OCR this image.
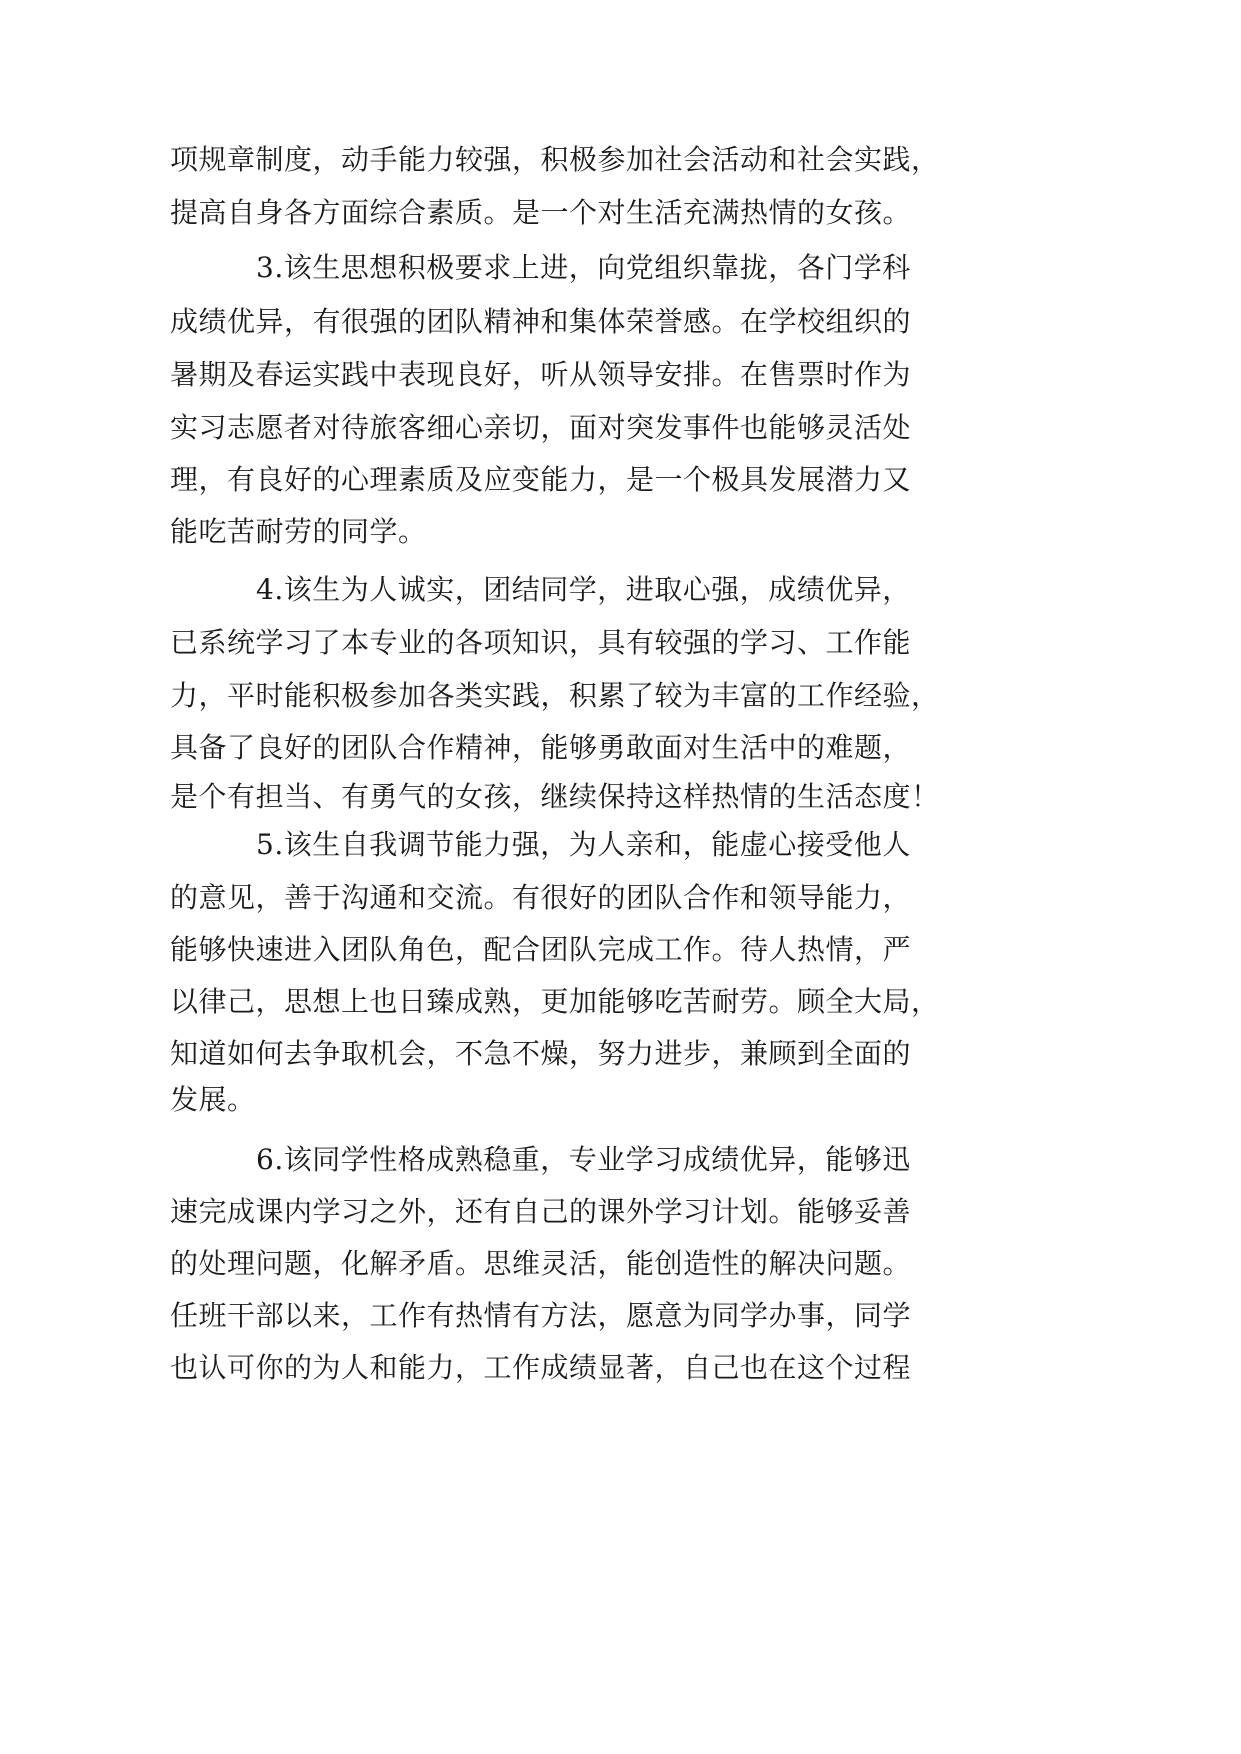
项规章制度，动手能力较强，积极参加社会活动和社会实践，
提高自身各方面综合素质。是一个对生活充满热情的女孩。
3.该生思想积极要求上进，向党组织靠拢，各门学科
成绩优异，有很强的团队精神和集体荣誉感。在学校组织的
暑期及春运实践中表现良好，听从领导安排。在售票时作为
实习志愿者对待旅客细心亲切，面对突发事件也能够灵活处
理，有良好的心理素质及应变能力，是一个极具发展潜力又
能吃苦耐劳的同学。
4.该生为人诚实，团结同学，进取心强，成绩优异，
已系统学习了本专业的各项知识，具有较强的学习、工作能
力，平时能积极参加各类实践，积累了较为丰富的工作经验，
具备了良好的团队合作精神，能够勇敢面对生活中的难题，
是个有担当、有勇气的女孩，继续保持这样热情的生活态度！
5.该生自我调节能力强，为人亲和，能虚心接受他人
的意见，善于沟通和交流。有很好的团队合作和领导能力，
能够快速进入团队角色，配合团队完成工作。待人热情，严
以律己，思想上也日臻成熟，更加能够吃苦耐劳。顾全大局，
知道如何去争取机会，不急不燥，努力进步，兼顾到全面的
发展。
6.该同学性格成熟稳重，专业学习成绩优异，能够迅
速完成课内学习之外，还有自己的课外学习计划。能够妥善
的处理问题，化解矛盾。思维灵活，能创造性的解决问题。
任班干部以来，工作有热情有方法，愿意为同学办事，同学
也认可你的为人和能力，工作成绩显著，自己也在这个过程
